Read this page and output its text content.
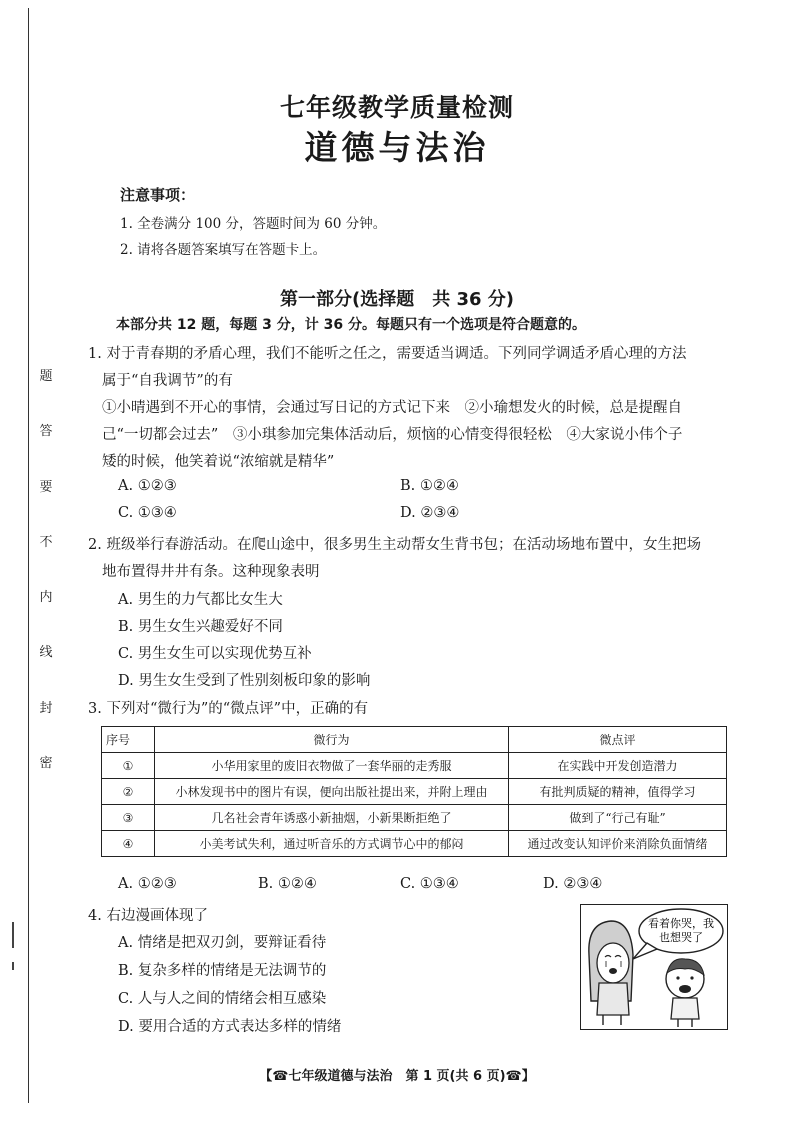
密
封
线
内
不
要
答
题
七年级教学质量检测
道德与法治
注意事项：
1. 全卷满分 100 分，答题时间为 60 分钟。
2. 请将各题答案填写在答题卡上。
第一部分(选择题　共 36 分)
本部分共 12 题，每题 3 分，计 36 分。每题只有一个选项是符合题意的。
1. 对于青春期的矛盾心理，我们不能听之任之，需要适当调适。下列同学调适矛盾心理的方法
属于“自我调节”的有
①小晴遇到不开心的事情，会通过写日记的方式记下来　②小瑜想发火的时候，总是提醒自
己“一切都会过去”　③小琪参加完集体活动后，烦恼的心情变得很轻松　④大家说小伟个子
矮的时候，他笑着说“浓缩就是精华”
A. ①②③	B. ①②④
C. ①③④	D. ②③④
2. 班级举行春游活动。在爬山途中，很多男生主动帮女生背书包；在活动场地布置中，女生把场
地布置得井井有条。这种现象表明
A. 男生的力气都比女生大
B. 男生女生兴趣爱好不同
C. 男生女生可以实现优势互补
D. 男生女生受到了性别刻板印象的影响
3. 下列对“微行为”的“微点评”中，正确的有
序号	微行为	微点评
①	小华用家里的废旧衣物做了一套华丽的走秀服	在实践中开发创造潜力
②	小林发现书中的图片有误，便向出版社提出来，并附上理由	有批判质疑的精神，值得学习
③	几名社会青年诱惑小新抽烟，小新果断拒绝了	做到了“行己有耻”
④	小美考试失利，通过听音乐的方式调节心中的郁闷	通过改变认知评价来消除负面情绪
A. ①②③	B. ①②④	C. ①③④	D. ②③④
4. 右边漫画体现了
A. 情绪是把双刃剑，要辩证看待
B. 复杂多样的情绪是无法调节的
C. 人与人之间的情绪会相互感染
D. 要用合适的方式表达多样的情绪
看着你哭，我
也想哭了
【☎七年级道德与法治　第 1 页(共 6 页)☎】
